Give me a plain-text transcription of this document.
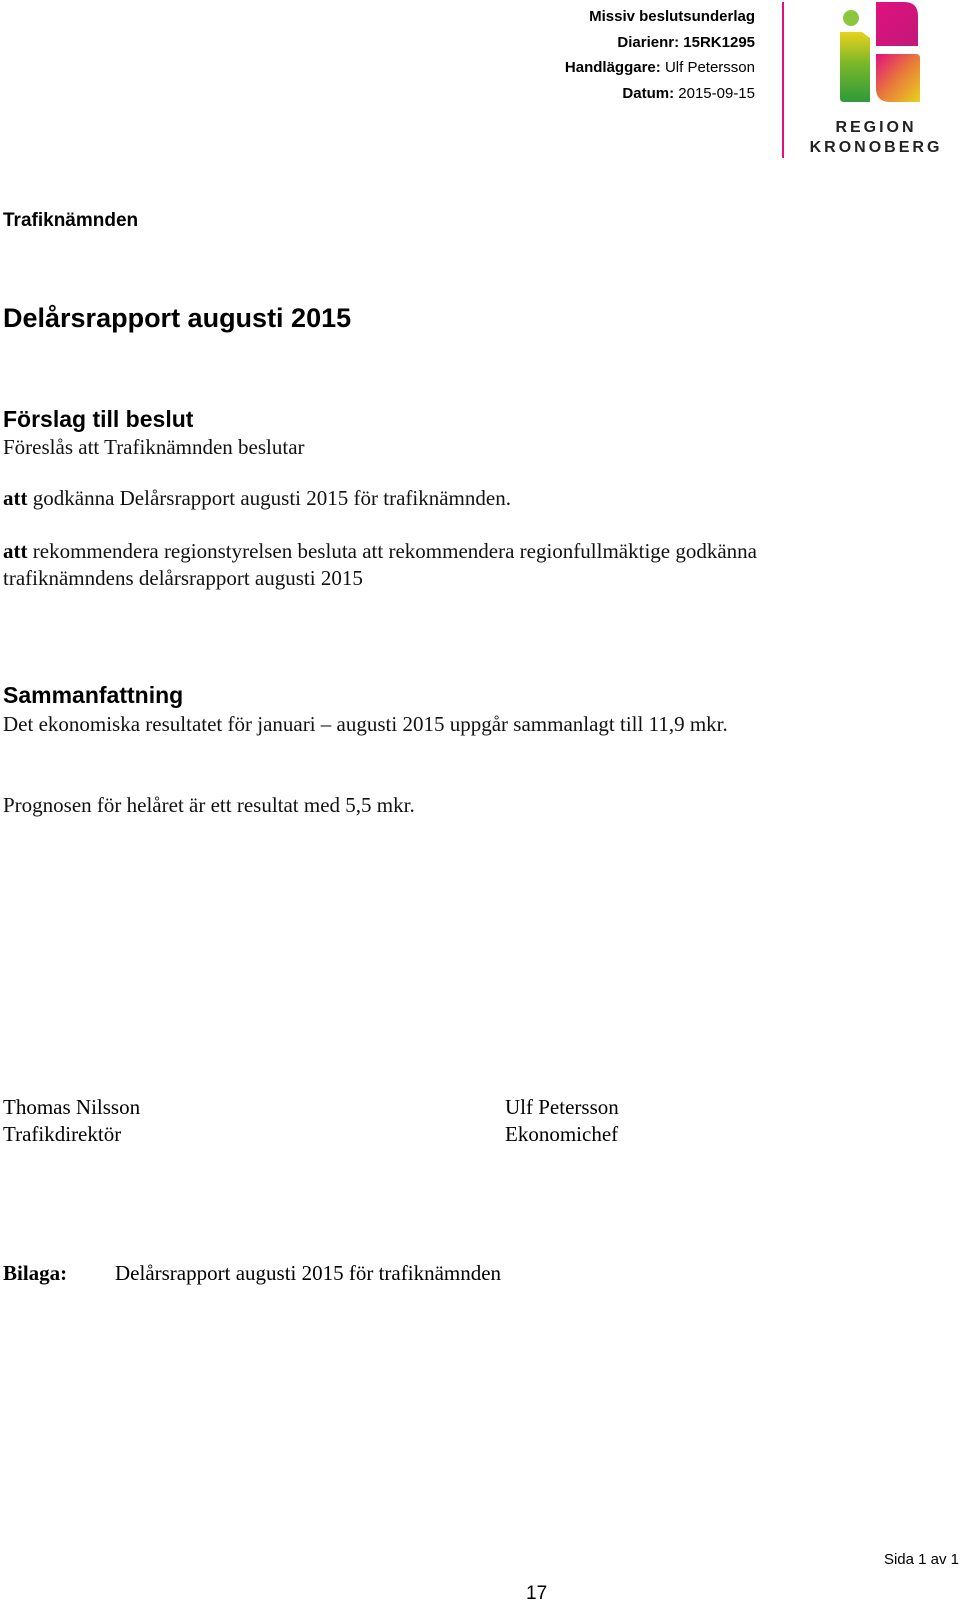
Missiv beslutsunderlag
Diarienr: 15RK1295
Handläggare: Ulf Petersson
Datum: 2015-09-15
REGION
KRONOBERG
Trafiknämnden
Delårsrapport augusti 2015
Förslag till beslut
Föreslås att Trafiknämnden beslutar
att godkänna Delårsrapport augusti 2015 för trafiknämnden.
att rekommendera regionstyrelsen besluta att rekommendera regionfullmäktige godkänna trafiknämndens delårsrapport augusti 2015
Sammanfattning
Det ekonomiska resultatet för januari – augusti 2015 uppgår sammanlagt till 11,9 mkr.
Prognosen för helåret är ett resultat med 5,5 mkr.
Thomas Nilsson
Trafikdirektör
Ulf Petersson
Ekonomichef
Bilaga: Delårsrapport augusti 2015 för trafiknämnden
Sida 1 av 1
17
